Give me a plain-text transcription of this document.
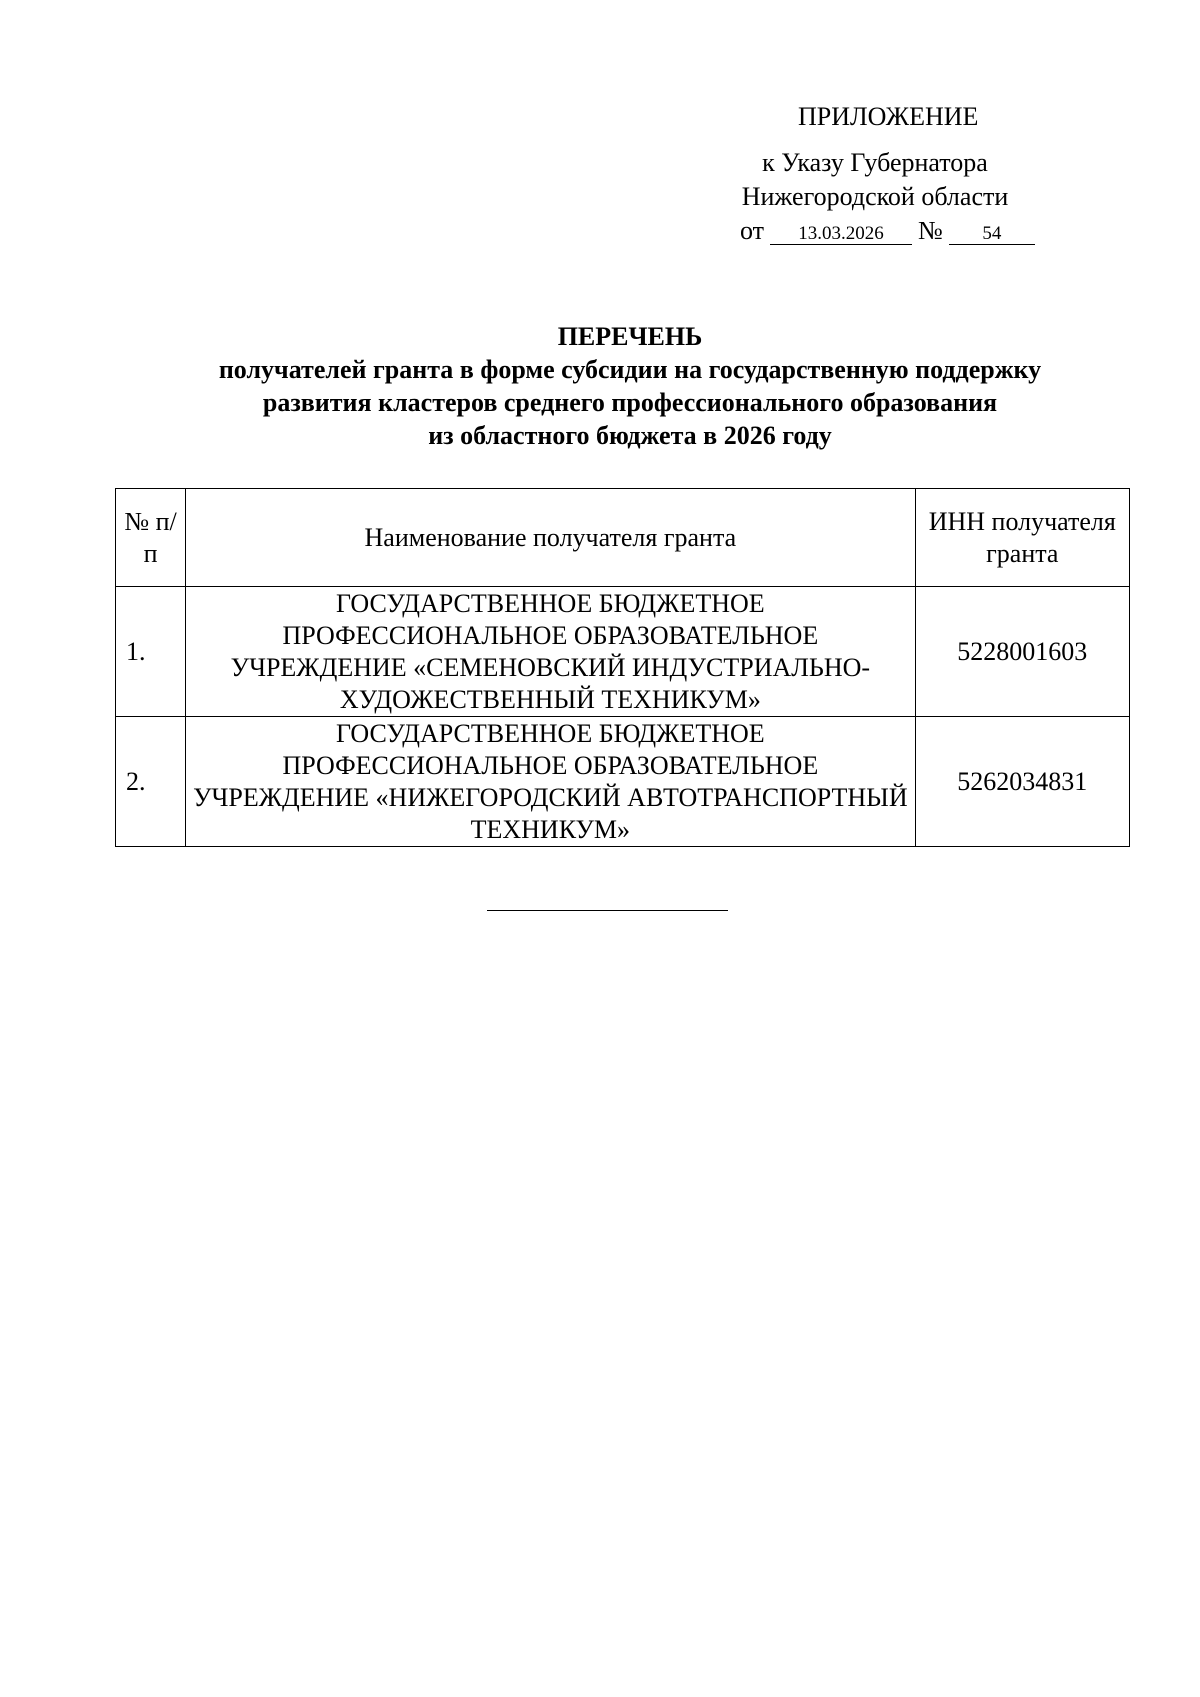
ПРИЛОЖЕНИЕ
к Указу Губернатора
Нижегородской области
от 13.03.2026 № 54
ПЕРЕЧЕНЬ
получателей гранта в форме субсидии на государственную поддержку
развития кластеров среднего профессионального образования
из областного бюджета в 2026 году
№ п/п	Наименование получателя гранта	ИНН получателя гранта
1.	ГОСУДАРСТВЕННОЕ БЮДЖЕТНОЕ ПРОФЕССИОНАЛЬНОЕ ОБРАЗОВАТЕЛЬНОЕ УЧРЕЖДЕНИЕ «СЕМЕНОВСКИЙ ИНДУСТРИАЛЬНО-ХУДОЖЕСТВЕННЫЙ ТЕХНИКУМ»	5228001603
2.	ГОСУДАРСТВЕННОЕ БЮДЖЕТНОЕ ПРОФЕССИОНАЛЬНОЕ ОБРАЗОВАТЕЛЬНОЕ УЧРЕЖДЕНИЕ «НИЖЕГОРОДСКИЙ АВТОТРАНСПОРТНЫЙ ТЕХНИКУМ»	5262034831
